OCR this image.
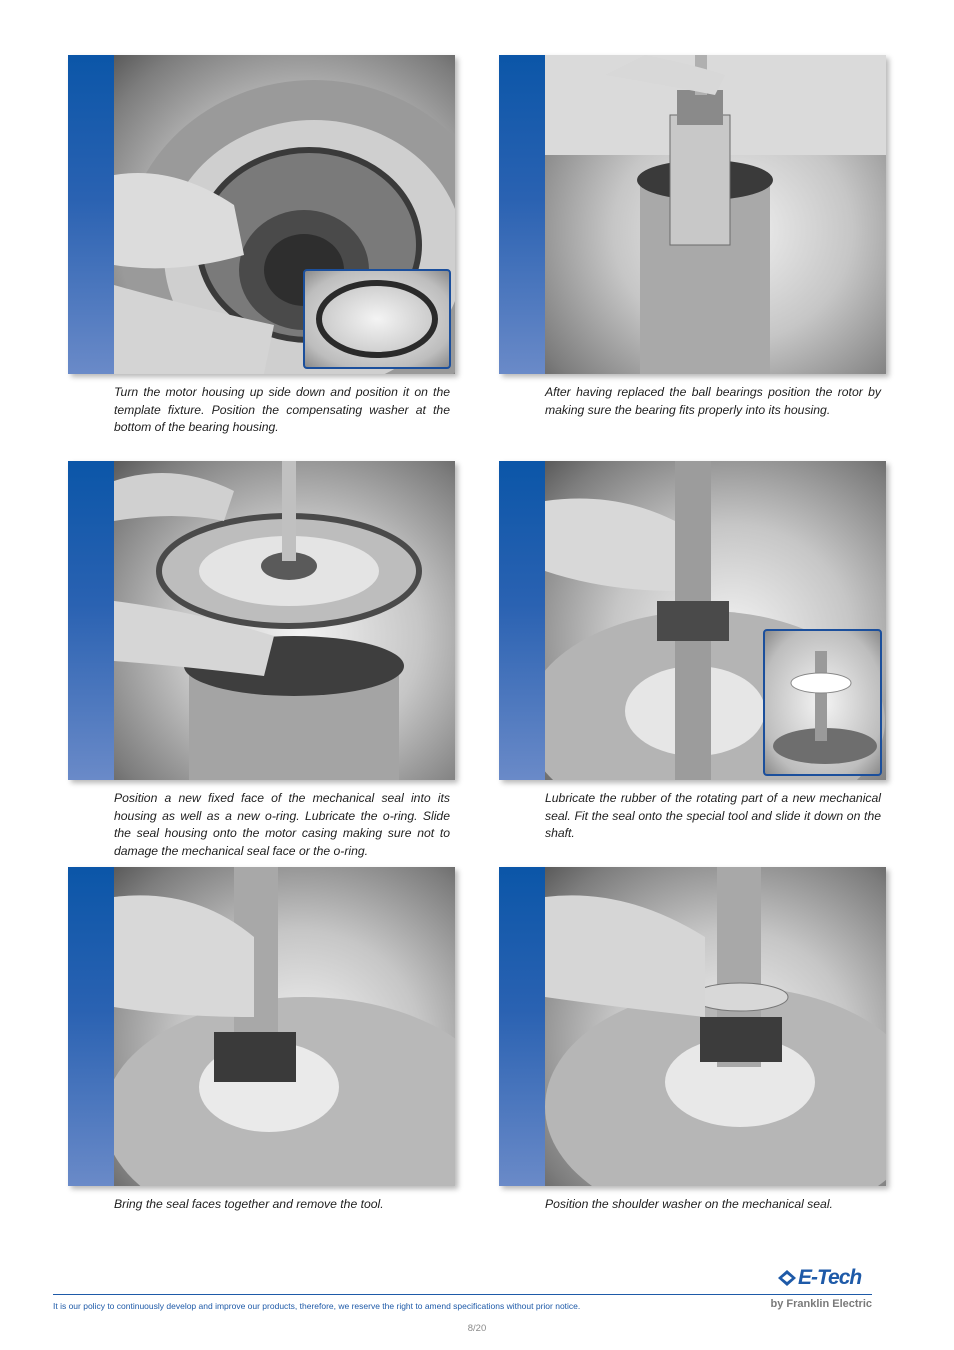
Turn the motor housing up side down and position it on the template fixture. Position the compensating washer at the bottom of the bearing housing.
After having replaced the ball bearings position the rotor by making sure the bearing fits properly into its housing.
Position a new fixed face of the mechanical seal into its housing as well as a new o-ring. Lubricate the o-ring. Slide the seal housing onto the motor casing making sure not to damage the mechanical seal face or the o-ring.
Lubricate the rubber of the rotating part of a new mechanical seal. Fit the seal onto the special tool and slide it down on the shaft.
Bring the seal faces together and remove the tool.	Position the shoulder washer on the mechanical seal.
E-Tech
It is our policy to continuously develop and improve our products, therefore, we reserve the right to amend specifications without prior notice.	by Franklin Electric
8/20
